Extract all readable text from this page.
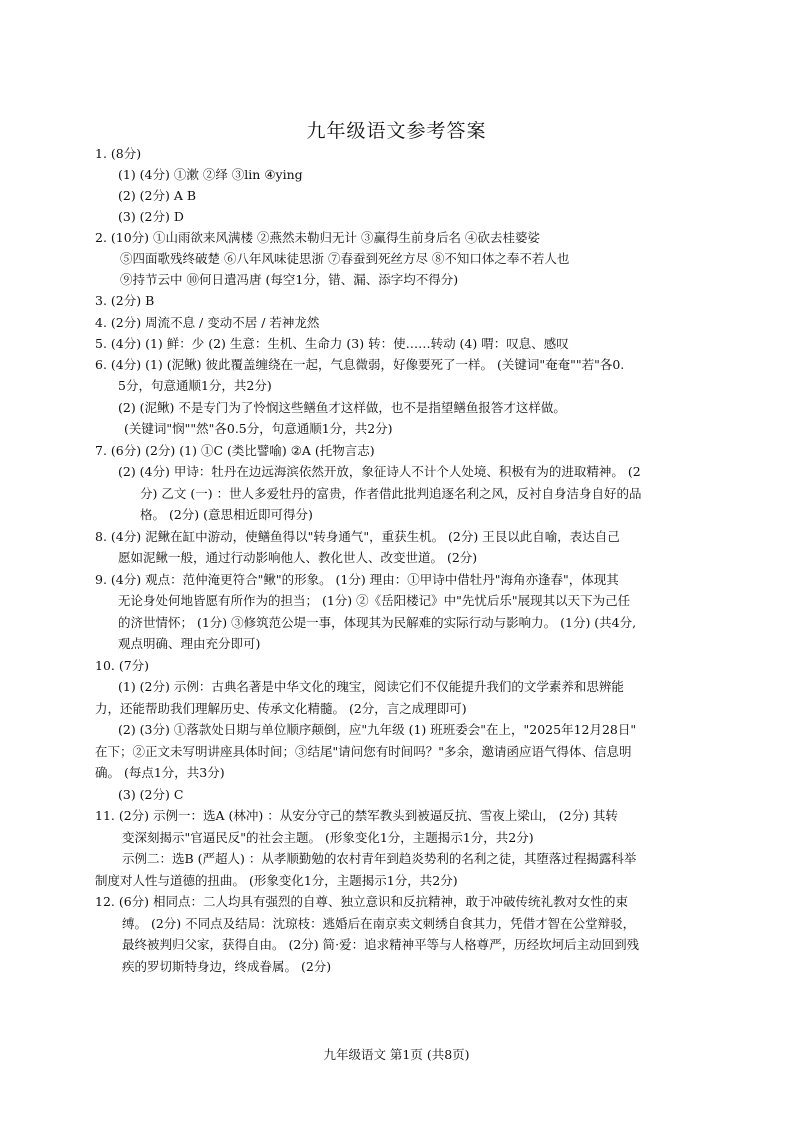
九年级语文参考答案
1. (8分)
(1) (4分) ①漱 ②绎 ③lin ④ying
(2) (2分) A B
(3) (2分) D
2. (10分) ①山雨欲来风满楼 ②燕然未勒归无计 ③赢得生前身后名 ④砍去桂婆娑
⑤四面歌残终破楚 ⑥八年风味徒思浙 ⑦春蚕到死丝方尽 ⑧不知口体之奉不若人也
⑨持节云中 ⑩何日遣冯唐 (每空1分，错、漏、添字均不得分)
3. (2分) B
4. (2分) 周流不息 / 变动不居 / 若神龙然
5. (4分) (1) 鲜：少 (2) 生意：生机、生命力 (3) 转：使……转动 (4) 喟：叹息、感叹
6. (4分) (1) (泥鳅) 彼此覆盖缠绕在一起，气息微弱，好像要死了一样。 (关键词"奄奄""若"各0.
5分，句意通顺1分，共2分)
(2) (泥鳅) 不是专门为了怜悯这些鳝鱼才这样做，也不是指望鳝鱼报答才这样做。
(关键词"悯""然"各0.5分，句意通顺1分，共2分)
7. (6分) (2分) (1) ①C (类比譬喻) ②A (托物言志)
(2) (4分) 甲诗：牡丹在边远海滨依然开放，象征诗人不计个人处境、积极有为的进取精神。 (2
分) 乙文 (一) ：世人多爱牡丹的富贵，作者借此批判追逐名利之风，反衬自身洁身自好的品
格。 (2分) (意思相近即可得分)
8. (4分) 泥鳅在缸中游动，使鳝鱼得以"转身通气"，重获生机。 (2分) 王艮以此自喻，表达自己
愿如泥鳅一般，通过行动影响他人、教化世人、改变世道。 (2分)
9. (4分) 观点：范仲淹更符合"鳅"的形象。 (1分) 理由：①甲诗中借牡丹"海角亦逢春"，体现其
无论身处何地皆愿有所作为的担当； (1分) ②《岳阳楼记》中"先忧后乐"展现其以天下为己任
的济世情怀； (1分) ③修筑范公堤一事，体现其为民解难的实际行动与影响力。 (1分) (共4分,
观点明确、理由充分即可)
10. (7分)
(1) (2分) 示例：古典名著是中华文化的瑰宝，阅读它们不仅能提升我们的文学素养和思辨能
力，还能帮助我们理解历史、传承文化精髓。 (2分，言之成理即可)
(2) (3分) ①落款处日期与单位顺序颠倒，应"九年级 (1) 班班委会"在上，"2025年12月28日"
在下；②正文未写明讲座具体时间；③结尾"请问您有时间吗？"多余，邀请函应语气得体、信息明
确。 (每点1分，共3分)
(3) (2分) C
11. (2分) 示例一：选A (林冲) ：从安分守己的禁军教头到被逼反抗、雪夜上梁山， (2分) 其转
变深刻揭示"官逼民反"的社会主题。 (形象变化1分，主题揭示1分，共2分)
示例二：选B (严超人) ：从孝顺勤勉的农村青年到趋炎势利的名利之徒，其堕落过程揭露科举
制度对人性与道德的扭曲。 (形象变化1分，主题揭示1分，共2分)
12. (6分) 相同点：二人均具有强烈的自尊、独立意识和反抗精神，敢于冲破传统礼教对女性的束
缚。 (2分) 不同点及结局：沈琼枝：逃婚后在南京卖文刺绣自食其力，凭借才智在公堂辩驳，
最终被判归父家，获得自由。 (2分) 简·爱：追求精神平等与人格尊严，历经坎坷后主动回到残
疾的罗切斯特身边，终成眷属。 (2分)
九年级语文 第1页 (共8页)
